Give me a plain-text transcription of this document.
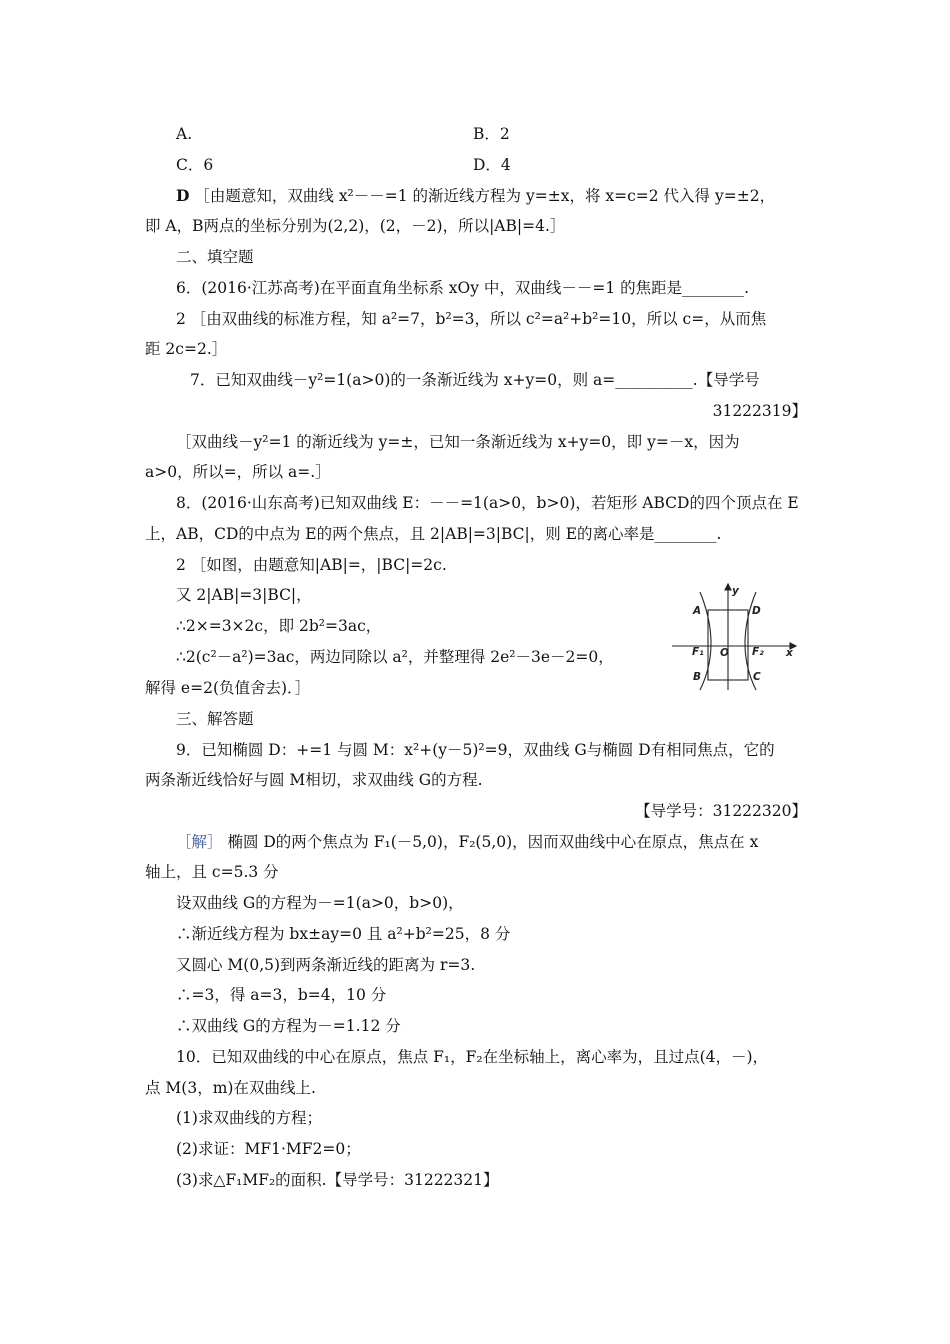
A.	B．2
C．6	D．4
D ［由题意知，双曲线 x²－－=1 的渐近线方程为 y=±x，将 x=c=2 代入得 y=±2，
即 A，B两点的坐标分别为(2,2)，(2，－2)，所以|AB|=4.］
二、填空题
6．(2016·江苏高考)在平面直角坐标系 xOy 中，双曲线－－=1 的焦距是________.
2 ［由双曲线的标准方程，知 a²=7，b²=3，所以 c²=a²+b²=10，所以 c=，从而焦
距 2c=2.］
7．已知双曲线－y²=1(a>0)的一条渐近线为 x+y=0，则 a=__________.【导学号
31222319】
［双曲线－y²=1 的渐近线为 y=±，已知一条渐近线为 x+y=0，即 y=－x，因为
a>0，所以=，所以 a=.］
8．(2016·山东高考)已知双曲线 E：－－=1(a>0，b>0)，若矩形 ABCD的四个顶点在 E
上，AB，CD的中点为 E的两个焦点，且 2|AB|=3|BC|，则 E的离心率是________.
2 ［如图，由题意知|AB|=，|BC|=2c.
又 2|AB|=3|BC|，
∴2×=3×2c，即 2b²=3ac，
∴2(c²－a²)=3ac，两边同除以 a²，并整理得 2e²－3e－2=0，
解得 e=2(负值舍去)．］
A	D
B	C
y
x
O
F₁	F₂
三、解答题
9．已知椭圆 D：+=1 与圆 M：x²+(y－5)²=9，双曲线 G与椭圆 D有相同焦点，它的
两条渐近线恰好与圆 M相切，求双曲线 G的方程.
【导学号：31222320】
［解］ 椭圆 D的两个焦点为 F₁(－5,0)，F₂(5,0)，因而双曲线中心在原点，焦点在 x
轴上，且 c=5.3 分
设双曲线 G的方程为－=1(a>0，b>0)，
∴渐近线方程为 bx±ay=0 且 a²+b²=25，8 分
又圆心 M(0,5)到两条渐近线的距离为 r=3.
∴=3，得 a=3，b=4，10 分
∴双曲线 G的方程为－=1.12 分
10．已知双曲线的中心在原点，焦点 F₁，F₂在坐标轴上，离心率为，且过点(4，－)，
点 M(3，m)在双曲线上.
(1)求双曲线的方程；
(2)求证：MF1·MF2=0；
(3)求△F₁MF₂的面积.【导学号：31222321】
